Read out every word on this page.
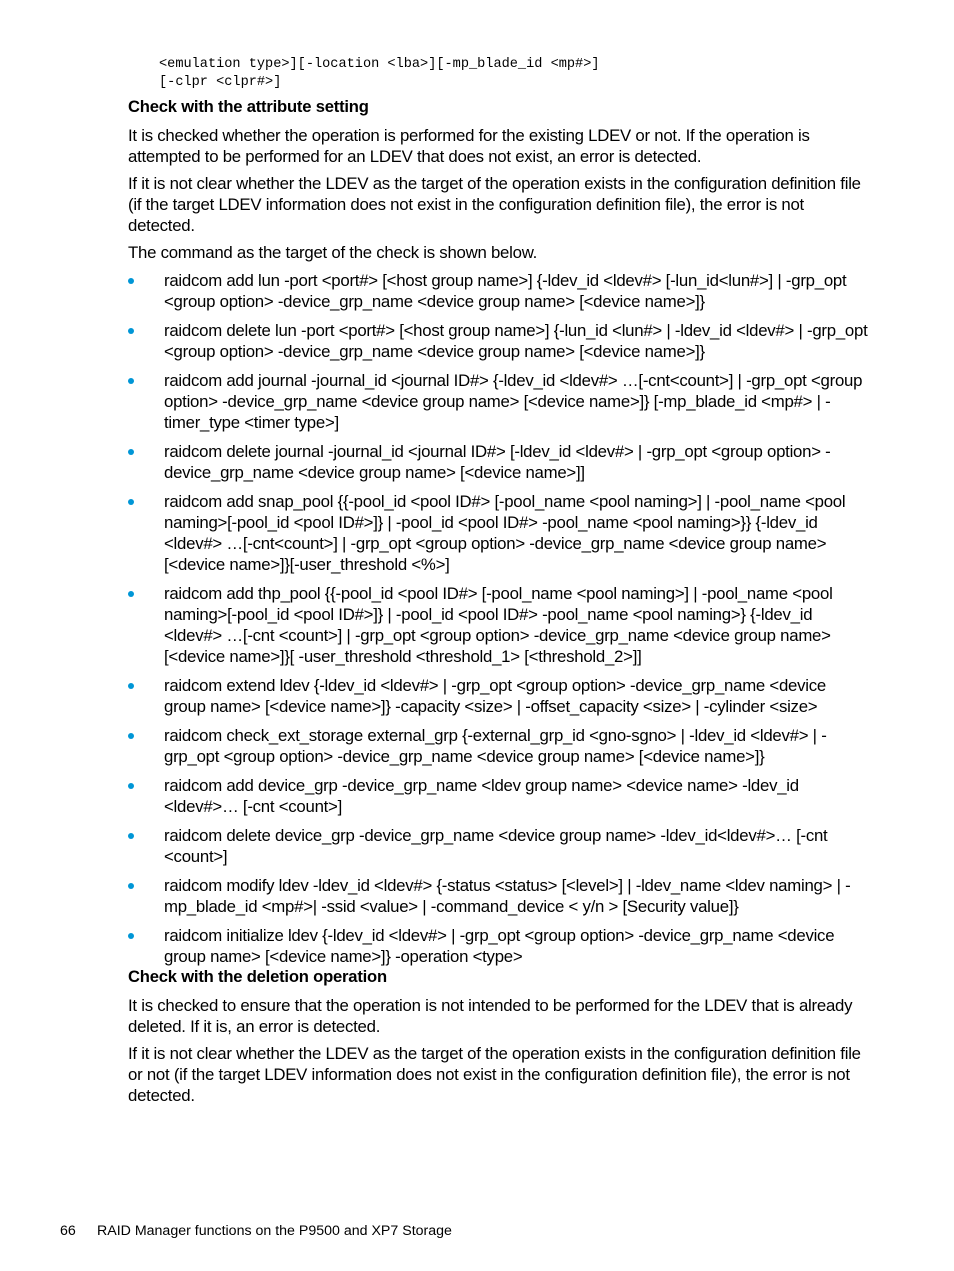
<emulation type>][-location <lba>][-mp_blade_id <mp#>]
[-clpr <clpr#>]
Check with the attribute setting

It is checked whether the operation is performed for the existing LDEV or not. If the operation is attempted to be performed for an LDEV that does not exist, an error is detected.

If it is not clear whether the LDEV as the target of the operation exists in the configuration definition file (if the target LDEV information does not exist in the configuration definition file), the error is not detected.

The command as the target of the check is shown below.

raidcom add lun -port <port#> [<host group name>] {-ldev_id <ldev#> [-lun_id<lun#>] | -grp_opt <group option> -device_grp_name <device group name> [<device name>]}
raidcom delete lun -port <port#> [<host group name>] {-lun_id <lun#> | -ldev_id <ldev#> | -grp_opt <group option> -device_grp_name <device group name> [<device name>]}
raidcom add journal -journal_id <journal ID#> {-ldev_id <ldev#> …[-cnt<count>] | -grp_opt <group option> -device_grp_name <device group name> [<device name>]} [-mp_blade_id <mp#> | -timer_type <timer type>]
raidcom delete journal -journal_id <journal ID#> [-ldev_id <ldev#> | -grp_opt <group option> -device_grp_name <device group name> [<device name>]]
raidcom add snap_pool {{-pool_id <pool ID#> [-pool_name <pool naming>] | -pool_name <pool naming>[-pool_id <pool ID#>]} | -pool_id <pool ID#> -pool_name <pool naming>}} {-ldev_id <ldev#> …[-cnt<count>] | -grp_opt <group option> -device_grp_name <device group name> [<device name>]}[-user_threshold <%>]
raidcom add thp_pool {{-pool_id <pool ID#> [-pool_name <pool naming>] | -pool_name <pool naming>[-pool_id <pool ID#>]} | -pool_id <pool ID#> -pool_name <pool naming>} {-ldev_id <ldev#> …[-cnt <count>] | -grp_opt <group option> -device_grp_name <device group name> [<device name>]}[ -user_threshold <threshold_1> [<threshold_2>]]
raidcom extend ldev {-ldev_id <ldev#> | -grp_opt <group option> -device_grp_name <device group name> [<device name>]} -capacity <size> | -offset_capacity <size> | -cylinder <size>
raidcom check_ext_storage external_grp {-external_grp_id <gno-sgno> | -ldev_id <ldev#> | -grp_opt <group option> -device_grp_name <device group name> [<device name>]}
raidcom add device_grp -device_grp_name <ldev group name> <device name> -ldev_id <ldev#>… [-cnt <count>]
raidcom delete device_grp -device_grp_name <device group name> -ldev_id<ldev#>… [-cnt <count>]
raidcom modify ldev -ldev_id <ldev#> {-status <status> [<level>] | -ldev_name <ldev naming> | -mp_blade_id <mp#>| -ssid <value> | -command_device < y/n > [Security value]}
raidcom initialize ldev {-ldev_id <ldev#> | -grp_opt <group option> -device_grp_name <device group name> [<device name>]} -operation <type>
Check with the deletion operation

It is checked to ensure that the operation is not intended to be performed for the LDEV that is already deleted. If it is, an error is detected.

If it is not clear whether the LDEV as the target of the operation exists in the configuration definition file or not (if the target LDEV information does not exist in the configuration definition file), the error is not detected.

66 RAID Manager functions on the P9500 and XP7 Storage
